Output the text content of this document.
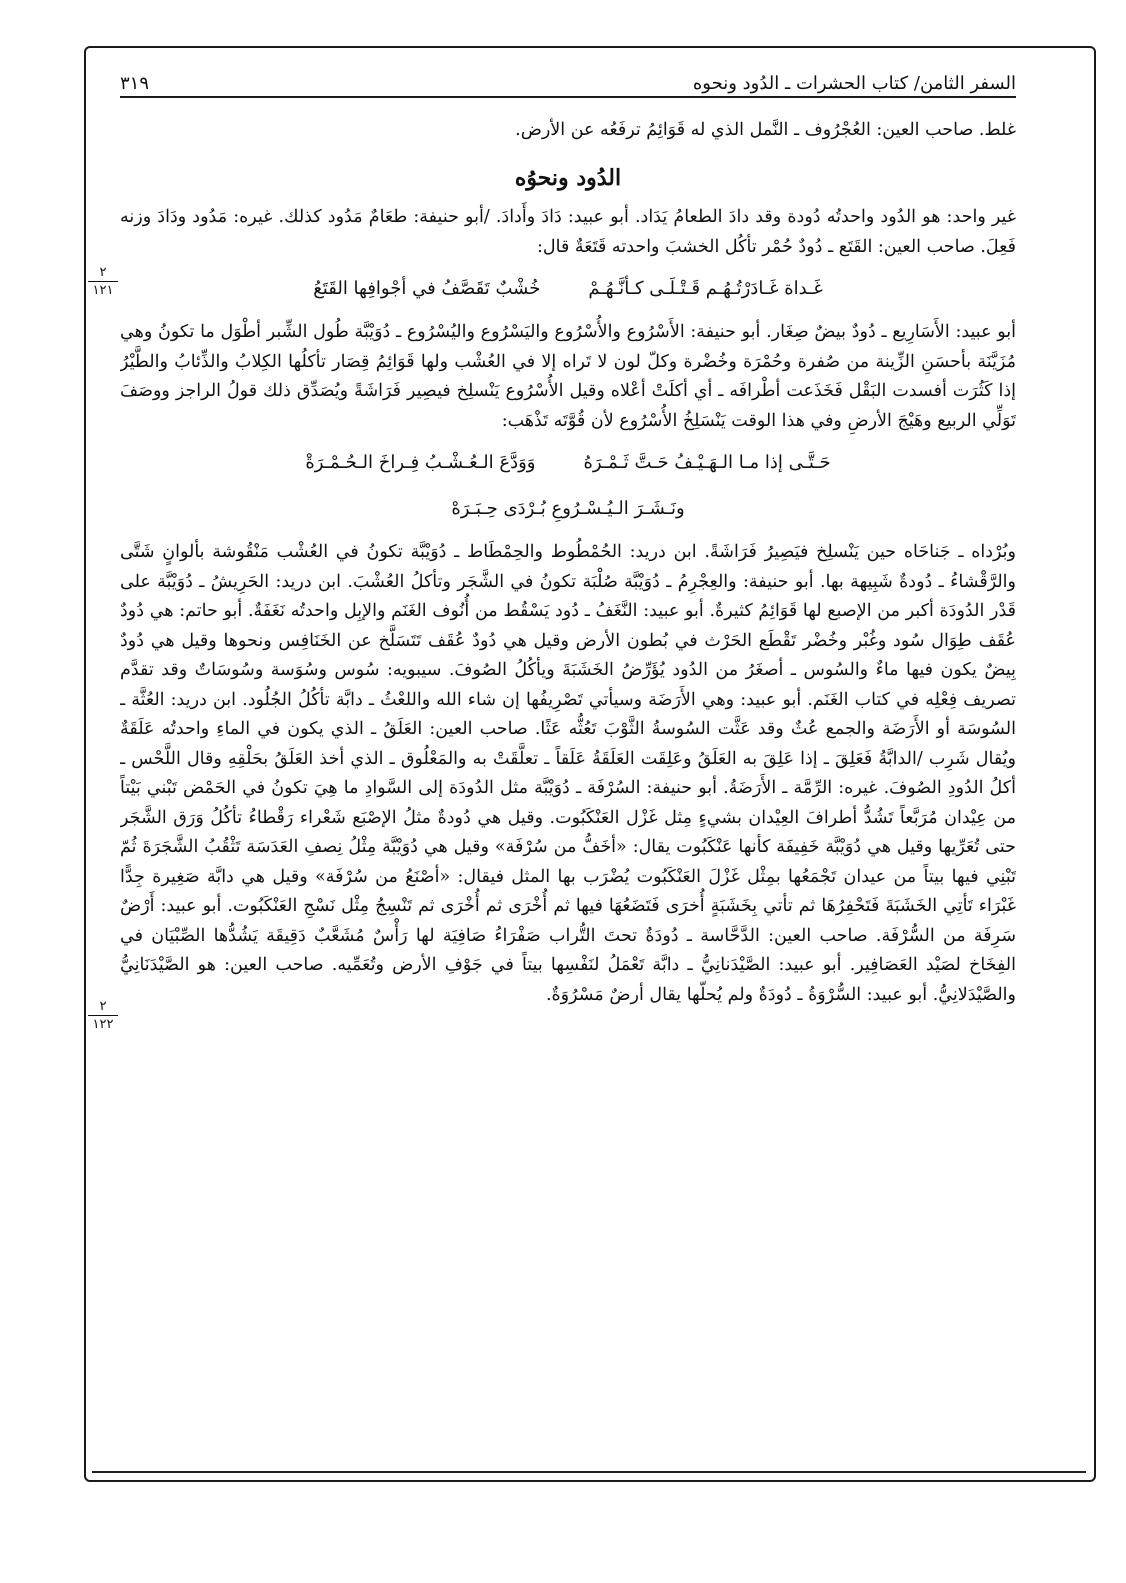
السفر الثامن/ كتاب الحشرات ـ الدُود ونحوه
٣١٩
٢
١٢١
٢
١٢٢

غلط. صاحب العين: العُجْرُوف ـ النَّمل الذي له قَوَائِمُ ترفَعُه عن الأرض.

الدُود ونحوُه

غير واحد: هو الدُود واحدتُه دُودة وقد دادَ الطعامُ يَدَاد. أبو عبيد: دَادَ وأَدادَ. /أبو حنيفة: طعَامٌ مَدُود كذلك. غيره: مَدُود ودَادَ وزنه فَعِلَ. صاحب العين: القَتَع ـ دُودٌ حُمْر تأكُل الخشبَ واحدته قَتَعَةٌ قال:

غَـداة غَـادَرْتُـهُـم قَـتْـلَـى كـأنَّـهُـمْ
خُشْبٌ تَقَصَّفُ في أجْوافِها القَتَعُ

أبو عبيد: الأَسَارِيع ـ دُودٌ بيضٌ صِغَار. أبو حنيفة: الأَسْرُوع والأُسْرُوع واليَسْرُوع واليُسْرُوع ـ دُوَيْبَّة طُول الشِّبر أطْوَل ما تكونُ وهي مُزَيَّنَة بأحسَنِ الزِّينة من صُفرة وحُمْرَة وخُضْرة وكلّ لون لا تَراه إلا في العُشْب ولها قَوَائِمُ قِصَار تأكلُها الكِلابُ والذِّئابُ والطَّيْرُ إذا كَثُرَت أفسدت البَقْل فَخَذَعت أطْرافَه ـ أي أكلَتْ أعْلاه وقيل الأُسْرُوع يَنْسلِخ فيصِير فَرَاشَةً ويُصَدِّق ذلك قولُ الراجز ووصَفَ تَوَلِّي الربيع وهَيْجَ الأرضِ وفي هذا الوقت يَنْسَلِخُ الأُسْرُوع لأن قُوَّتَه تَذْهَب:

حَـتَّـى إذا مـا الـهَـيْـفُ حَـتَّ ثَـمْـرَهُ
وَوَدَّعَ الـعُـشْـبُ فِـراخَ الـحُـمْـرَةْ
ونَـشَـرَ الـيُـسْـرُوعِ بُـرْدَى حِـبَـرَهْ

وبُرْداه ـ جَناحَاه حين يَنْسلِخ فيَصِيرُ فَرَاشَةً. ابن دريد: الحُمْطُوط والحِمْطَاط ـ دُوَيْبَّة تكونُ في العُشْب مَنْقُوشة بألوانٍ شَتَّى والرَّقْشاءُ ـ دُودةٌ شَبِيهة بها. أبو حنيفة: والعِجْرِمُ ـ دُوَيْبَّة صُلْبَة تكونُ في الشَّجَر وتأكلُ العُشْبَ. ابن دريد: الحَرِيشُ ـ دُوَيْبَّة على قَدْر الدُودَة أكبر من الإصبع لها قَوَائِمُ كثيرةٌ. أبو عبيد: النَّغَفُ ـ دُود يَسْقُط من أُنُوف الغَنَم والإبِل واحدتُه نَغَفَةٌ. أبو حاتم: هي دُودٌ عُقَف طِوَال سُود وغُبْر وخُضْر تَقْطَع الحَرْث في بُطون الأرض وقيل هي دُودٌ عُقَف تَتَسَلَّخ عن الخَنَافِس ونحوها وقيل هي دُودٌ بِيضٌ يكون فيها ماءٌ والسُوس ـ أصغَرُ من الدُود يُؤَرِّضُ الخَشَبَةَ ويأكُلُ الصُوفَ. سيبويه: سُوس وسُوَسة وسُوسَاتٌ وقد تقدَّم تصريف فِعْلِه في كتاب الغَنَم. أبو عبيد: وهي الأَرَضَة وسيأتي تَصْرِيفُها إن شاء الله واللعْثُ ـ دابَّة تأكُلُ الجُلُود. ابن دريد: العُثَّة ـ السُوسَة أو الأَرَضَة والجمع عُثٌ وقد عَثَّت السُوسةُ الثَّوْبَ تَعُثُّه عَثًا. صاحب العين: العَلَقُ ـ الذي يكون في الماءِ واحدتُه عَلَقَةٌ ويُقال شَرِب /الدابَّةُ فَعَلِقَ ـ إذا عَلِقَ به العَلَقُ وعَلِقَت العَلَقَةُ عَلَقاً ـ تعلَّقَتْ به والمَعْلُوق ـ الذي أخذ العَلَقُ بحَلْقِهِ وقال اللَّحْس ـ أكلُ الدُودِ الصُوفَ. غيره: الرِّمَّة ـ الأَرَضَةُ. أبو حنيفة: السُرْفَة ـ دُوَيْبَّة مثل الدُودَة إلى السَّوادِ ما هِيَ تكونُ في الحَمْض تَبْني بَيْتاً من عِيْدان مُرَبَّعاً تَشُدُّ أطرافَ العِيْدان بشيءٍ مِثل غَزْل العَنْكَبُوت. وقيل هي دُودةٌ مثلُ الإصْبَع شَعْراء رَقْطاءُ تأكُلُ وَرَق الشَّجَر حتى تُعَرِّيها وقيل هي دُوَيْبَّة خَفِيفَة كأنها عَنْكَبُوت يقال: «أخَفُّ من سُرْفَة» وقيل هي دُوَيْبَّة مِثْلُ نِصفِ العَدَسَة تَثْقُبُ الشَّجَرَةَ ثُمّ تَبْنِي فيها بيتاً من عيدان تَجْمَعُها بمِثْل غَزْلَ العَنْكَبُوت يُضْرَب بها المثل فيقال: «أصْنَعُ من سُرْفَة» وقيل هي دابَّة صَغِيرة جِدًّا غَبْرَاء تَأتِي الخَشَبَةَ فَتَحْفِرُهَا ثم تأتي بِخَشَبَةٍ أُخرَى فَتَضَعُهَا فيها ثم أُخْرَى ثم أُخْرَى ثم تَنْسِجُ مِثْل نَسْجِ العَنْكَبُوت. أبو عبيد: أَرْضٌ سَرِفَة من السُّرْفَة. صاحب العين: الدَّحَّاسة ـ دُودَةٌ تحتَ التُّراب صَفْرَاءُ صَافِيَة لها رَأْسٌ مُشَعَّبٌ دَقِيقَة يَشُدُّها الصِّبْيَان في الفِخَاخ لصَيْد العَصَافِير. أبو عبيد: الصَّيْدَنانِيُّ ـ دابَّة تَعْمَلُ لنَفْسِها بيتاً في جَوْفِ الأرض وتُعَمِّيه. صاحب العين: هو الصَّيْدَنَانِيُّ والصَّيْدَلانِيُّ. أبو عبيد: السُّرْوَةُ ـ دُودَةٌ ولم يُحلّها يقال أرضٌ مَسْرُوَةٌ.
